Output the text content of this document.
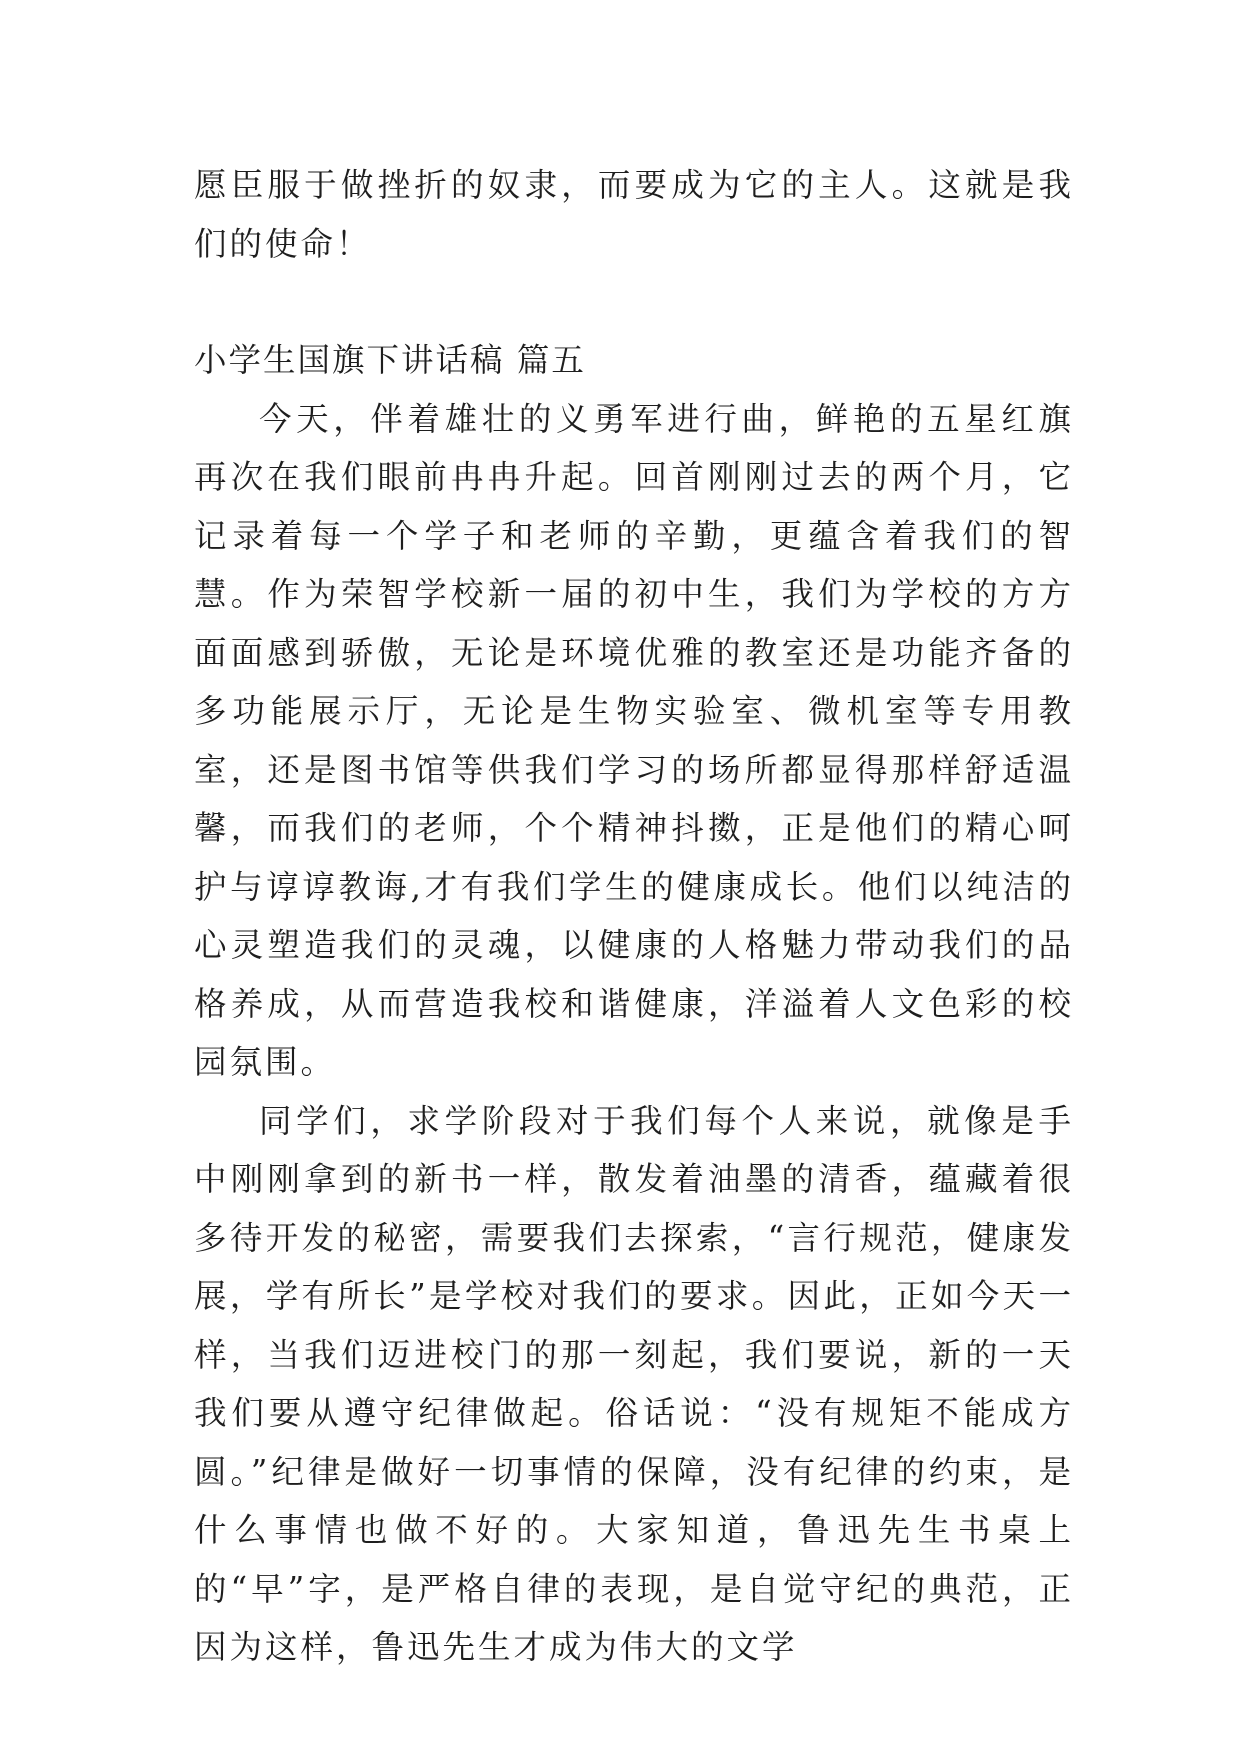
愿臣服于做挫折的奴隶，而要成为它的主人。这就是我们的使命！

小学生国旗下讲话稿 篇五

今天，伴着雄壮的义勇军进行曲，鲜艳的五星红旗再次在我们眼前冉冉升起。回首刚刚过去的两个月，它记录着每一个学子和老师的辛勤，更蕴含着我们的智慧。作为荣智学校新一届的初中生，我们为学校的方方面面感到骄傲，无论是环境优雅的教室还是功能齐备的多功能展示厅，无论是生物实验室、微机室等专用教室，还是图书馆等供我们学习的场所都显得那样舒适温馨，而我们的老师，个个精神抖擞，正是他们的精心呵护与谆谆教诲,才有我们学生的健康成长。他们以纯洁的心灵塑造我们的灵魂，以健康的人格魅力带动我们的品格养成，从而营造我校和谐健康，洋溢着人文色彩的校园氛围。

同学们，求学阶段对于我们每个人来说，就像是手中刚刚拿到的新书一样，散发着油墨的清香，蕴藏着很多待开发的秘密，需要我们去探索，“言行规范，健康发展，学有所长”是学校对我们的要求。因此，正如今天一样，当我们迈进校门的那一刻起，我们要说，新的一天我们要从遵守纪律做起。俗话说：“没有规矩不能成方圆。”纪律是做好一切事情的保障，没有纪律的约束，是什么事情也做不好的。大家知道，鲁迅先生书桌上的“早”字，是严格自律的表现，是自觉守纪的典范，正因为这样，鲁迅先生才成为伟大的文学
